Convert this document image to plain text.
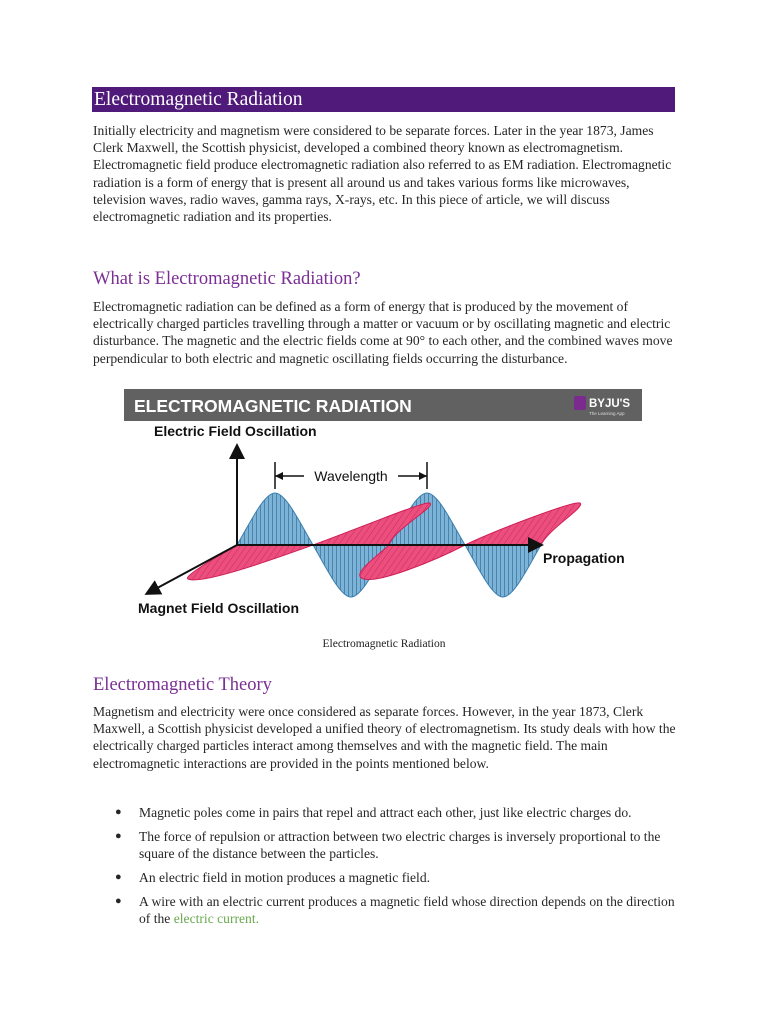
Electromagnetic Radiation

Initially electricity and magnetism were considered to be separate forces. Later in the year 1873, James Clerk Maxwell, the Scottish physicist, developed a combined theory known as electromagnetism. Electromagnetic field produce electromagnetic radiation also referred to as EM radiation. Electromagnetic radiation is a form of energy that is present all around us and takes various forms like microwaves, television waves, radio waves, gamma rays, X-rays, etc. In this piece of article, we will discuss electromagnetic radiation and its properties.

What is Electromagnetic Radiation?

Electromagnetic radiation can be defined as a form of energy that is produced by the movement of electrically charged particles travelling through a matter or vacuum or by oscillating magnetic and electric disturbance. The magnetic and the electric fields come at 90° to each other, and the combined waves move perpendicular to both electric and magnetic oscillating fields occurring the disturbance.

ELECTROMAGNETIC RADIATION	BYJU'S
The Learning App
Electric Field Oscillation
Magnet Field Oscillation
Propagation
Wavelength
Electromagnetic Radiation
Electromagnetic Theory

Magnetism and electricity were once considered as separate forces. However, in the year 1873, Clerk Maxwell, a Scottish physicist developed a unified theory of electromagnetism. Its study deals with how the electrically charged particles interact among themselves and with the magnetic field. The main electromagnetic interactions are provided in the points mentioned below.

● Magnetic poles come in pairs that repel and attract each other, just like electric charges do.
● The force of repulsion or attraction between two electric charges is inversely proportional to the square of the distance between the particles.
● An electric field in motion produces a magnetic field.
● A wire with an electric current produces a magnetic field whose direction depends on the direction of the electric current.
